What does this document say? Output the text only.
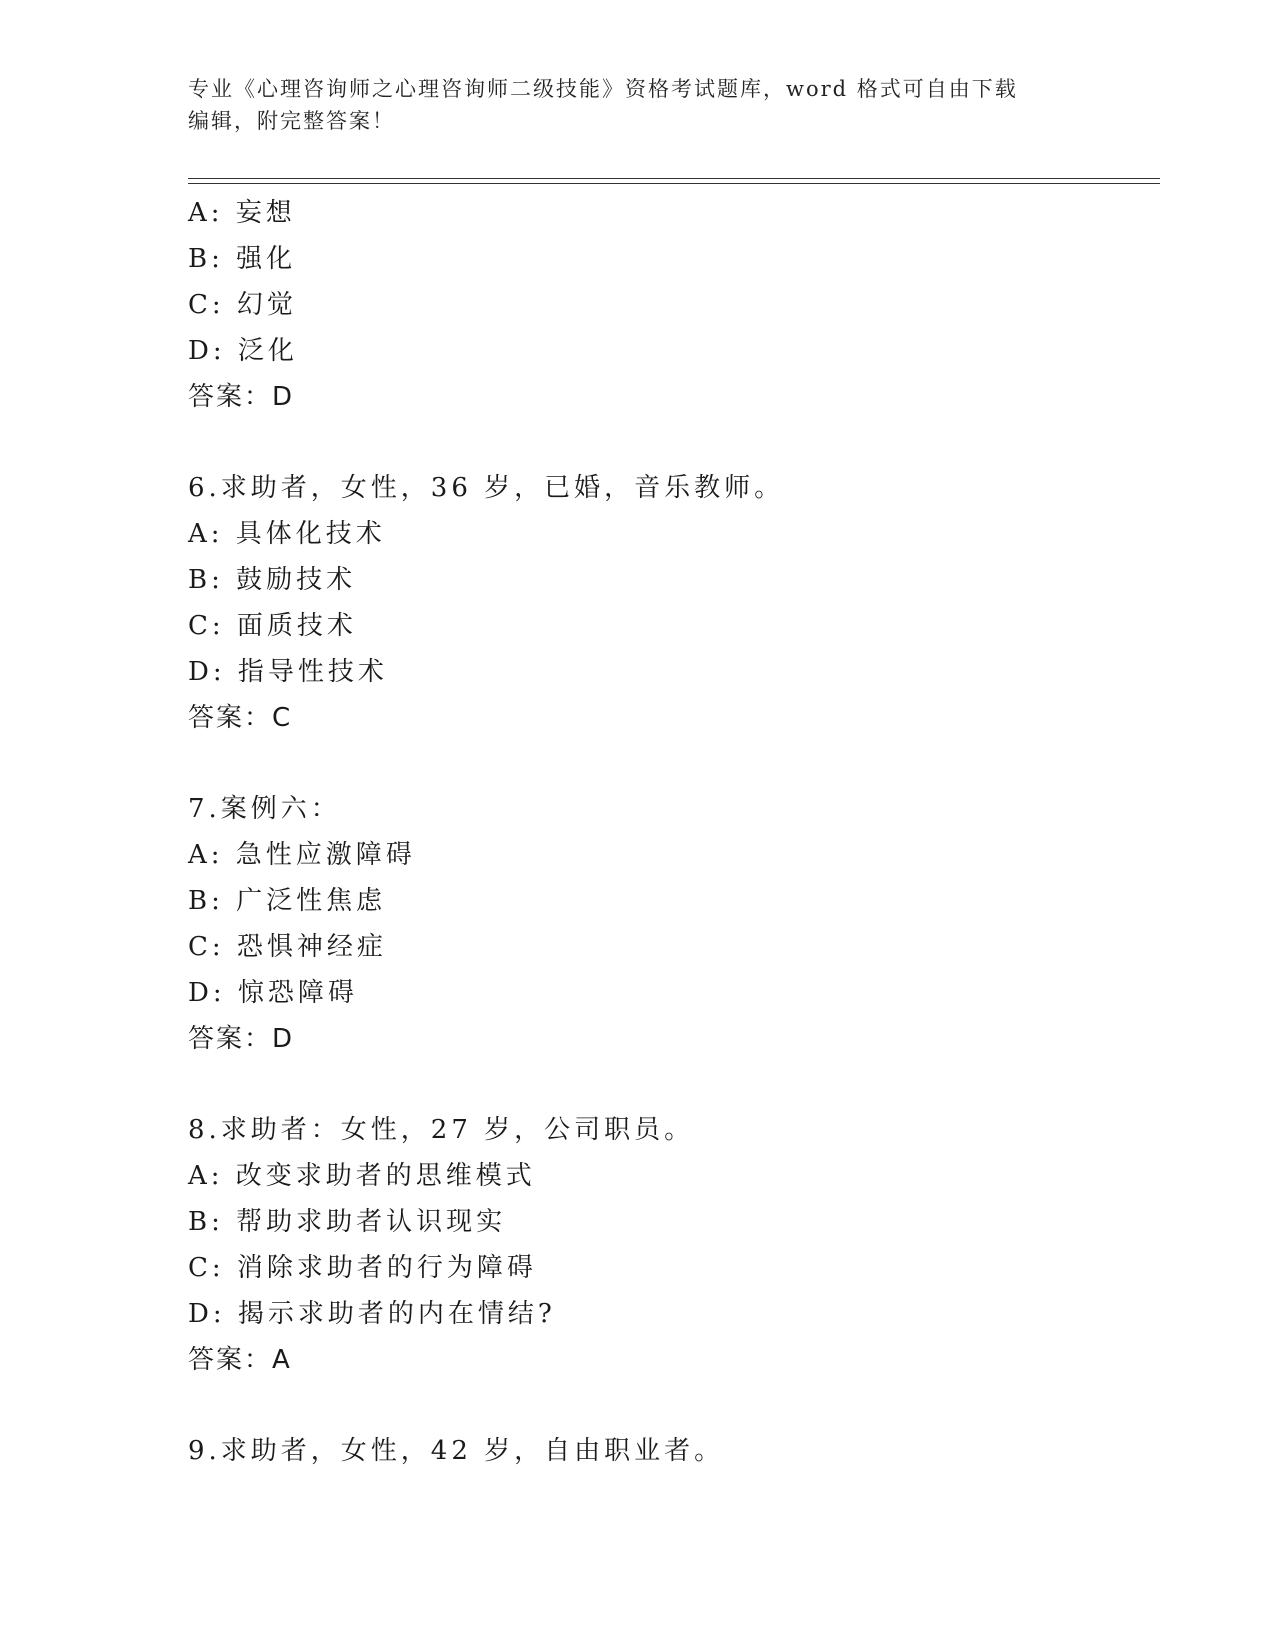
专业《心理咨询师之心理咨询师二级技能》资格考试题库，word 格式可自由下载
编辑，附完整答案！
A: 妄想
B: 强化
C: 幻觉
D: 泛化
答案：D
6.求助者，女性，36 岁，已婚，音乐教师。
A: 具体化技术
B: 鼓励技术
C: 面质技术
D: 指导性技术
答案：C
7.案例六：
A: 急性应激障碍
B: 广泛性焦虑
C: 恐惧神经症
D: 惊恐障碍
答案：D
8.求助者：女性，27 岁，公司职员。
A: 改变求助者的思维模式
B: 帮助求助者认识现实
C: 消除求助者的行为障碍
D: 揭示求助者的内在情结?
答案：A
9.求助者，女性，42 岁，自由职业者。
